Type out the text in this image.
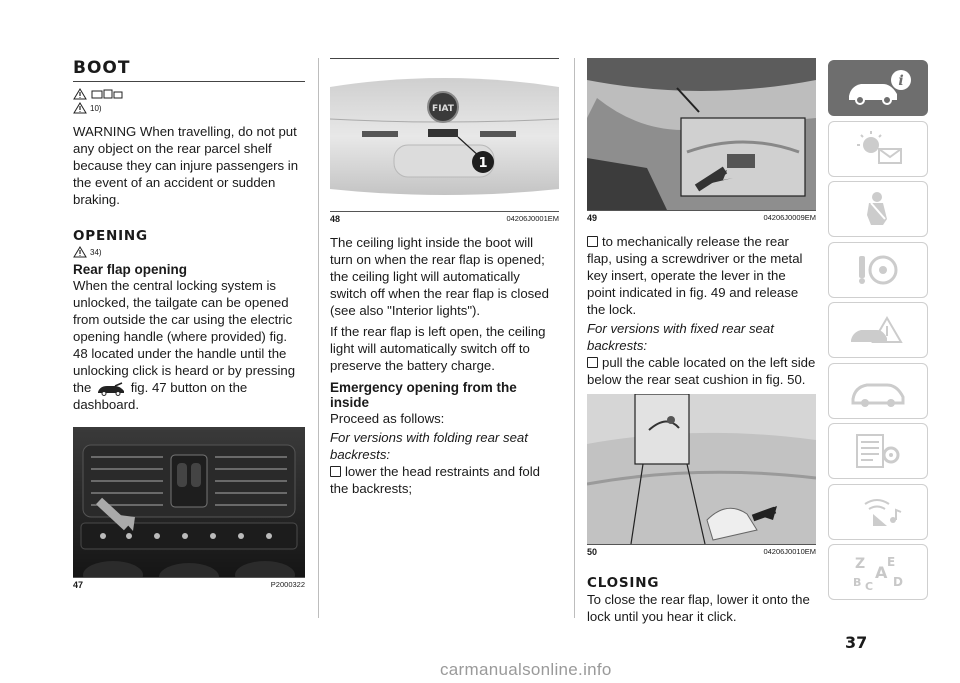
BOOT
10)

WARNING When travelling, do not put any object on the rear parcel shelf because they can injure passengers in the event of an accident or sudden braking.

OPENING
34)
Rear flap opening

When the central locking system is unlocked, the tailgate can be opened from outside the car using the electric opening handle (where provided) fig. 48 located under the handle until the unlocking click is heard or by pressing the	fig. 47 button on the dashboard.

47	P2000322
FIAT
1
48	04206J0001EM

The ceiling light inside the boot will turn on when the rear flap is opened; the ceiling light will automatically switch off when the rear flap is closed (see also "Interior lights").

If the rear flap is left open, the ceiling light will automatically switch off to preserve the battery charge.

Emergency opening from the inside

Proceed as follows:

For versions with folding rear seat backrests:

lower the head restraints and fold the backrests;

49	04206J0009EM

to mechanically release the rear flap, using a screwdriver or the metal key insert, operate the lever in the point indicated in fig. 49 and release the lock.

For versions with fixed rear seat backrests:

pull the cable located on the left side below the rear seat cushion in fig. 50.

50	04206J0010EM
CLOSING

To close the rear flap, lower it onto the lock until you hear it click.

i
Z E
A
B C D
37
carmanualsonline.info
